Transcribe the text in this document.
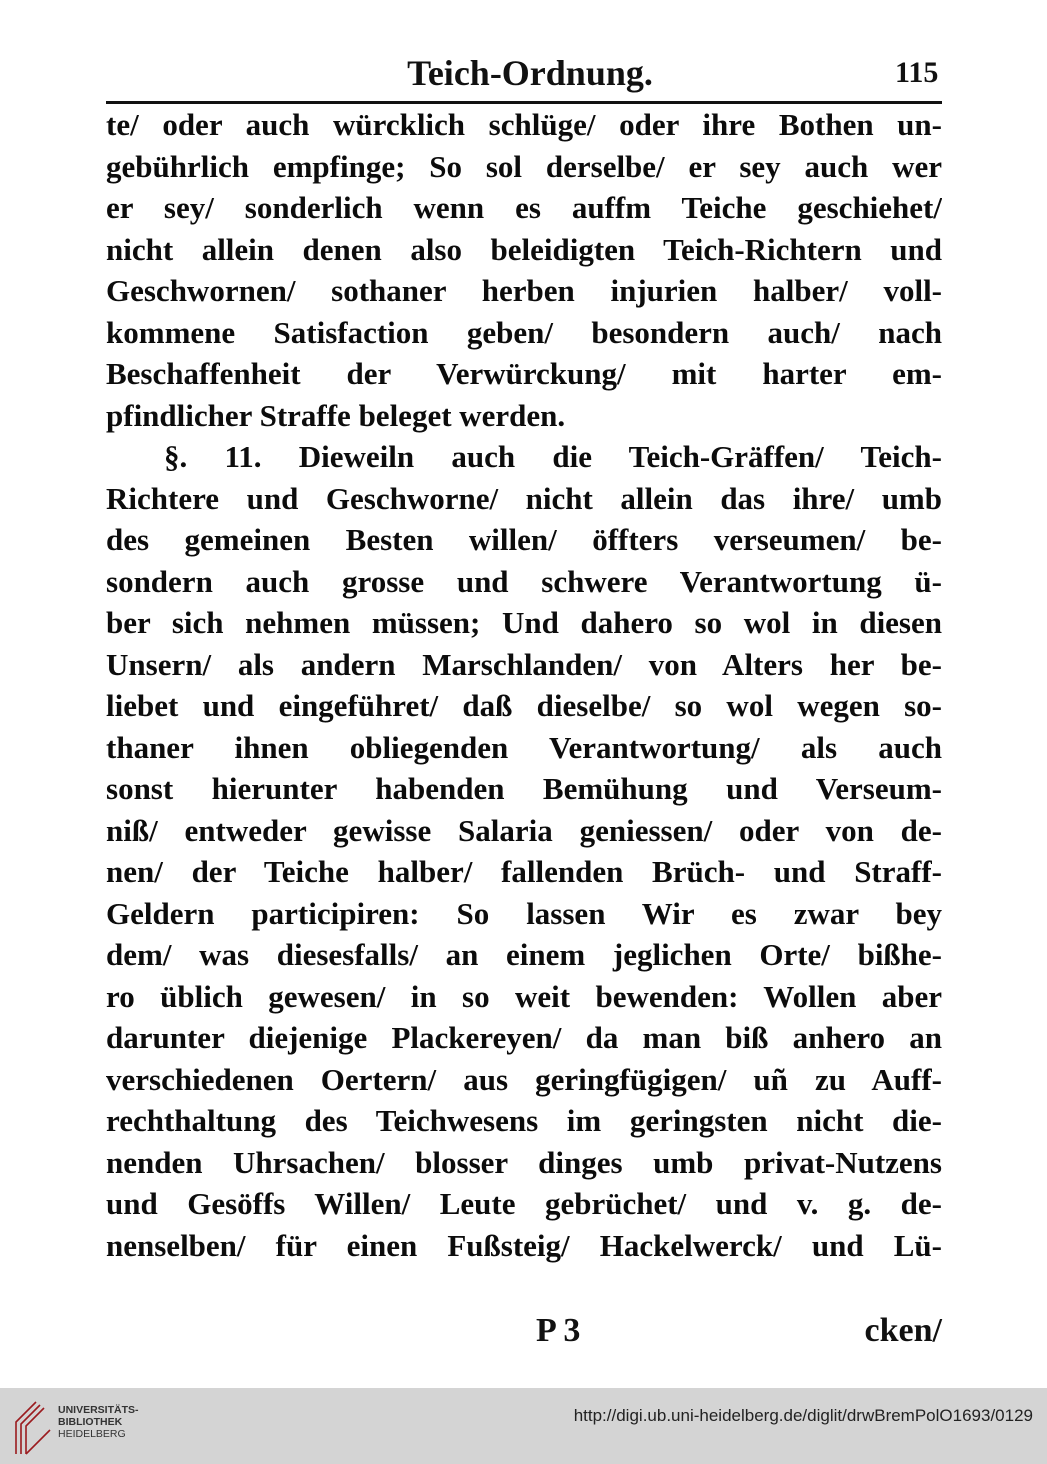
Teich-Ordnung.	115
te/ oder auch würcklich schlüge/ oder ihre Bothen un-
gebührlich empfinge; So sol derselbe/ er sey auch wer
er sey/ sonderlich wenn es auffm Teiche geschiehet/
nicht allein denen also beleidigten Teich-Richtern und
Geschwornen/ sothaner herben injurien halber/ voll-
kommene Satisfaction geben/ besondern auch/ nach
Beschaffenheit der Verwürckung/ mit harter em-
pfindlicher Straffe beleget werden.
§. 11. Dieweiln auch die Teich-Gräffen/ Teich-
Richtere und Geschworne/ nicht allein das ihre/ umb
des gemeinen Besten willen/ öffters verseumen/ be-
sondern auch grosse und schwere Verantwortung ü-
ber sich nehmen müssen; Und dahero so wol in diesen
Unsern/ als andern Marschlanden/ von Alters her be-
liebet und eingeführet/ daß dieselbe/ so wol wegen so-
thaner ihnen obliegenden Verantwortung/ als auch
sonst hierunter habenden Bemühung und Verseum-
niß/ entweder gewisse Salaria geniessen/ oder von de-
nen/ der Teiche halber/ fallenden Brüch- und Straff-
Geldern participiren: So lassen Wir es zwar bey
dem/ was diesesfalls/ an einem jeglichen Orte/ bißhe-
ro üblich gewesen/ in so weit bewenden: Wollen aber
darunter diejenige Plackereyen/ da man biß anhero an
verschiedenen Oertern/ aus geringfügigen/ uñ zu Auff-
rechthaltung des Teichwesens im geringsten nicht die-
nenden Uhrsachen/ blosser dinges umb privat-Nutzens
und Gesöffs Willen/ Leute gebrüchet/ und v. g. de-
nenselben/ für einen Fußsteig/ Hackelwerck/ und Lü-
P 3	cken/
UNIVERSITÄTS-
BIBLIOTHEK
HEIDELBERG
http://digi.ub.uni-heidelberg.de/diglit/drwBremPolO1693/0129
